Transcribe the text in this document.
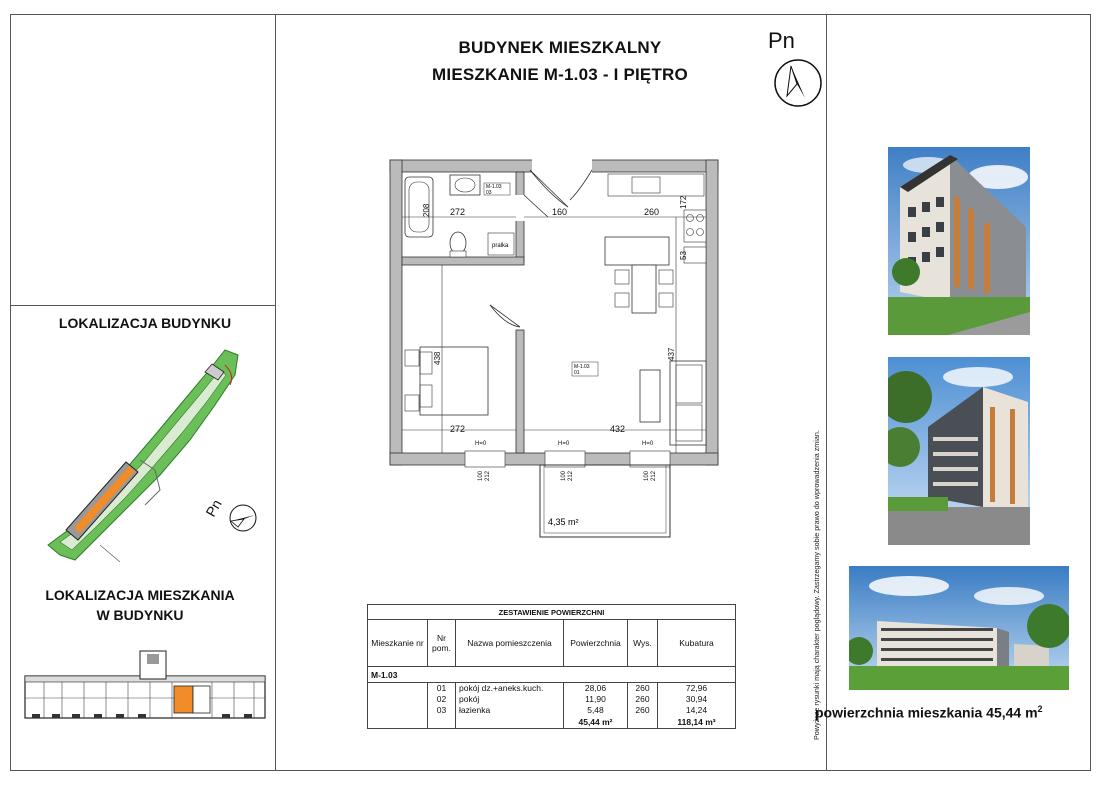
BUDYNEK MIESZKALNY
MIESZKANIE M-1.03 - I PIĘTRO
Pn
LOKALIZACJA BUDYNKU
Pn
LOKALIZACJA MIESZKANIA
W BUDYNKU
pralka
M-1.03
03
M-1.03
01
272	160	260
208
172
53
438	437
272	432
H=0	H=0	H=0
100 212	100 212	100 212
4,35 m²
ZESTAWIENIE POWIERZCHNI					
Mieszkanie nr	Nr pom.	Nazwa pomieszczenia	Powierzchnia	Wys.	Kubatura
M-1.03					
	01	pokój dz.+aneks.kuch.	28,06	260	72,96
	02	pokój	11,90	260	30,94
	03	łazienka	5,48	260	14,24
			45,44 m²		118,14 m³	Powyższe rysunki mają charakter poglądowy. Zastrzegamy sobie prawo do wprowadzenia zmian.
powierzchnia mieszkania 45,44 $m^2$
